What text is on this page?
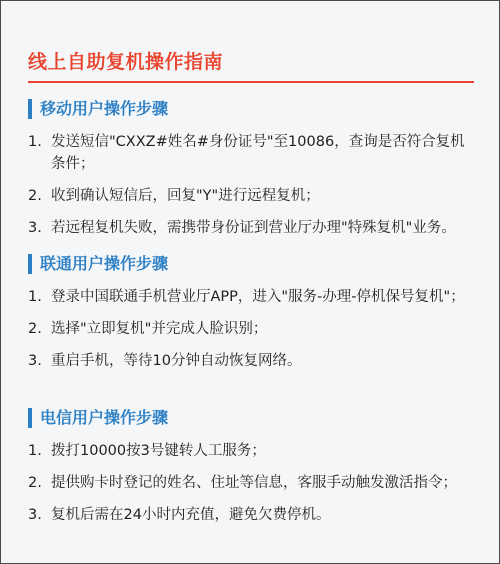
线上自助复机操作指南
移动用户操作步骤
1. 发送短信"CXXZ#姓名#身份证号"至10086，查询是否符合复机条件；
2. 收到确认短信后，回复"Y"进行远程复机；
3. 若远程复机失败，需携带身份证到营业厅办理"特殊复机"业务。
联通用户操作步骤
1. 登录中国联通手机营业厅APP，进入"服务-办理-停机保号复机"；
2. 选择"立即复机"并完成人脸识别；
3. 重启手机，等待10分钟自动恢复网络。
电信用户操作步骤
1. 拨打10000按3号键转人工服务；
2. 提供购卡时登记的姓名、住址等信息，客服手动触发激活指令；
3. 复机后需在24小时内充值，避免欠费停机。
